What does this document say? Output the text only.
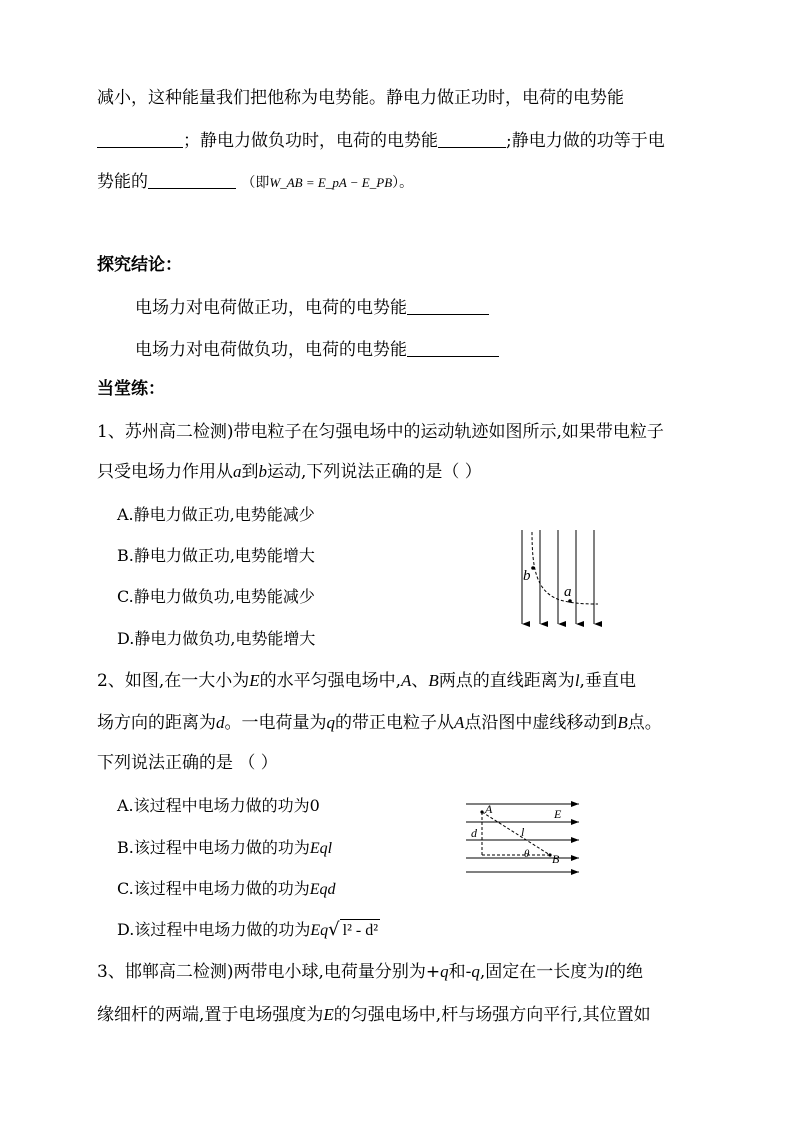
减小，这种能量我们把他称为电势能。静电力做正功时，电荷的电势能
；静电力做负功时，电荷的电势能	;静电力做的功等于电
势能的	（即W_AB = E_pA − E_PB）。
探究结论：
电场力对电荷做正功，电荷的电势能
电场力对电荷做负功，电荷的电势能
当堂练：
1、苏州高二检测)带电粒子在匀强电场中的运动轨迹如图所示,如果带电粒子
只受电场力作用从a到b运动,下列说法正确的是（ ）
A.静电力做正功,电势能减少
B.静电力做正功,电势能增大
C.静电力做负功,电势能减少
D.静电力做负功,电势能增大
b
a
2、如图,在一大小为E的水平匀强电场中,A、B两点的直线距离为l,垂直电
场方向的距离为d。一电荷量为q的带正电粒子从A点沿图中虚线移动到B点。
下列说法正确的是 （ ）
A.该过程中电场力做的功为0
B.该过程中电场力做的功为Eql
C.该过程中电场力做的功为Eqd
D.该过程中电场力做的功为Eq√ l² - d²
A
B
E
d	l
θ
3、邯郸高二检测)两带电小球,电荷量分别为+q和-q,固定在一长度为l的绝
缘细杆的两端,置于电场强度为E的匀强电场中,杆与场强方向平行,其位置如
